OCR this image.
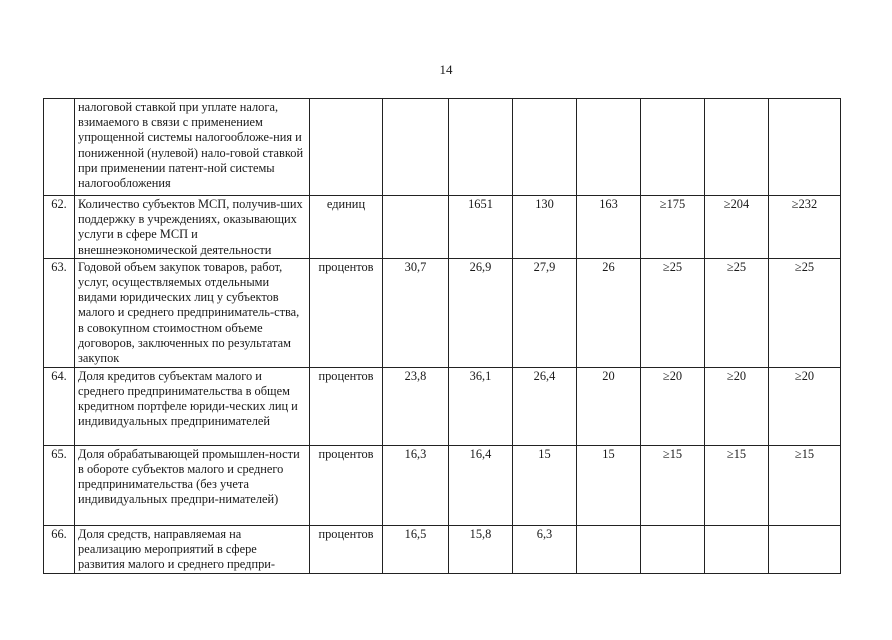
14
	налоговой ставкой при уплате налога, взимаемого в связи с применением упрощенной системы налогообложе-ния и пониженной (нулевой) нало-говой ставкой при применении патент-ной системы налогообложения								
62.	Количество субъектов МСП, получив-ших поддержку в учреждениях, оказывающих услуги в сфере МСП и внешнеэкономической деятельности	единиц		1651	130	163	≥175	≥204	≥232
63.	Годовой объем закупок товаров, работ, услуг, осуществляемых отдельными видами юридических лиц у субъектов малого и среднего предприниматель-ства, в совокупном стоимостном объеме договоров, заключенных по результатам закупок	процентов	30,7	26,9	27,9	26	≥25	≥25	≥25
64.	Доля кредитов субъектам малого и среднего предпринимательства в общем кредитном портфеле юриди-ческих лиц и индивидуальных предпринимателей	процентов	23,8	36,1	26,4	20	≥20	≥20	≥20
65.	Доля обрабатывающей промышлен-ности в обороте субъектов малого и среднего предпринимательства (без учета индивидуальных предпри-нимателей)	процентов	16,3	16,4	15	15	≥15	≥15	≥15
66.	Доля средств, направляемая на реализацию мероприятий в сфере развития малого и среднего предпри-	процентов	16,5	15,8	6,3				
